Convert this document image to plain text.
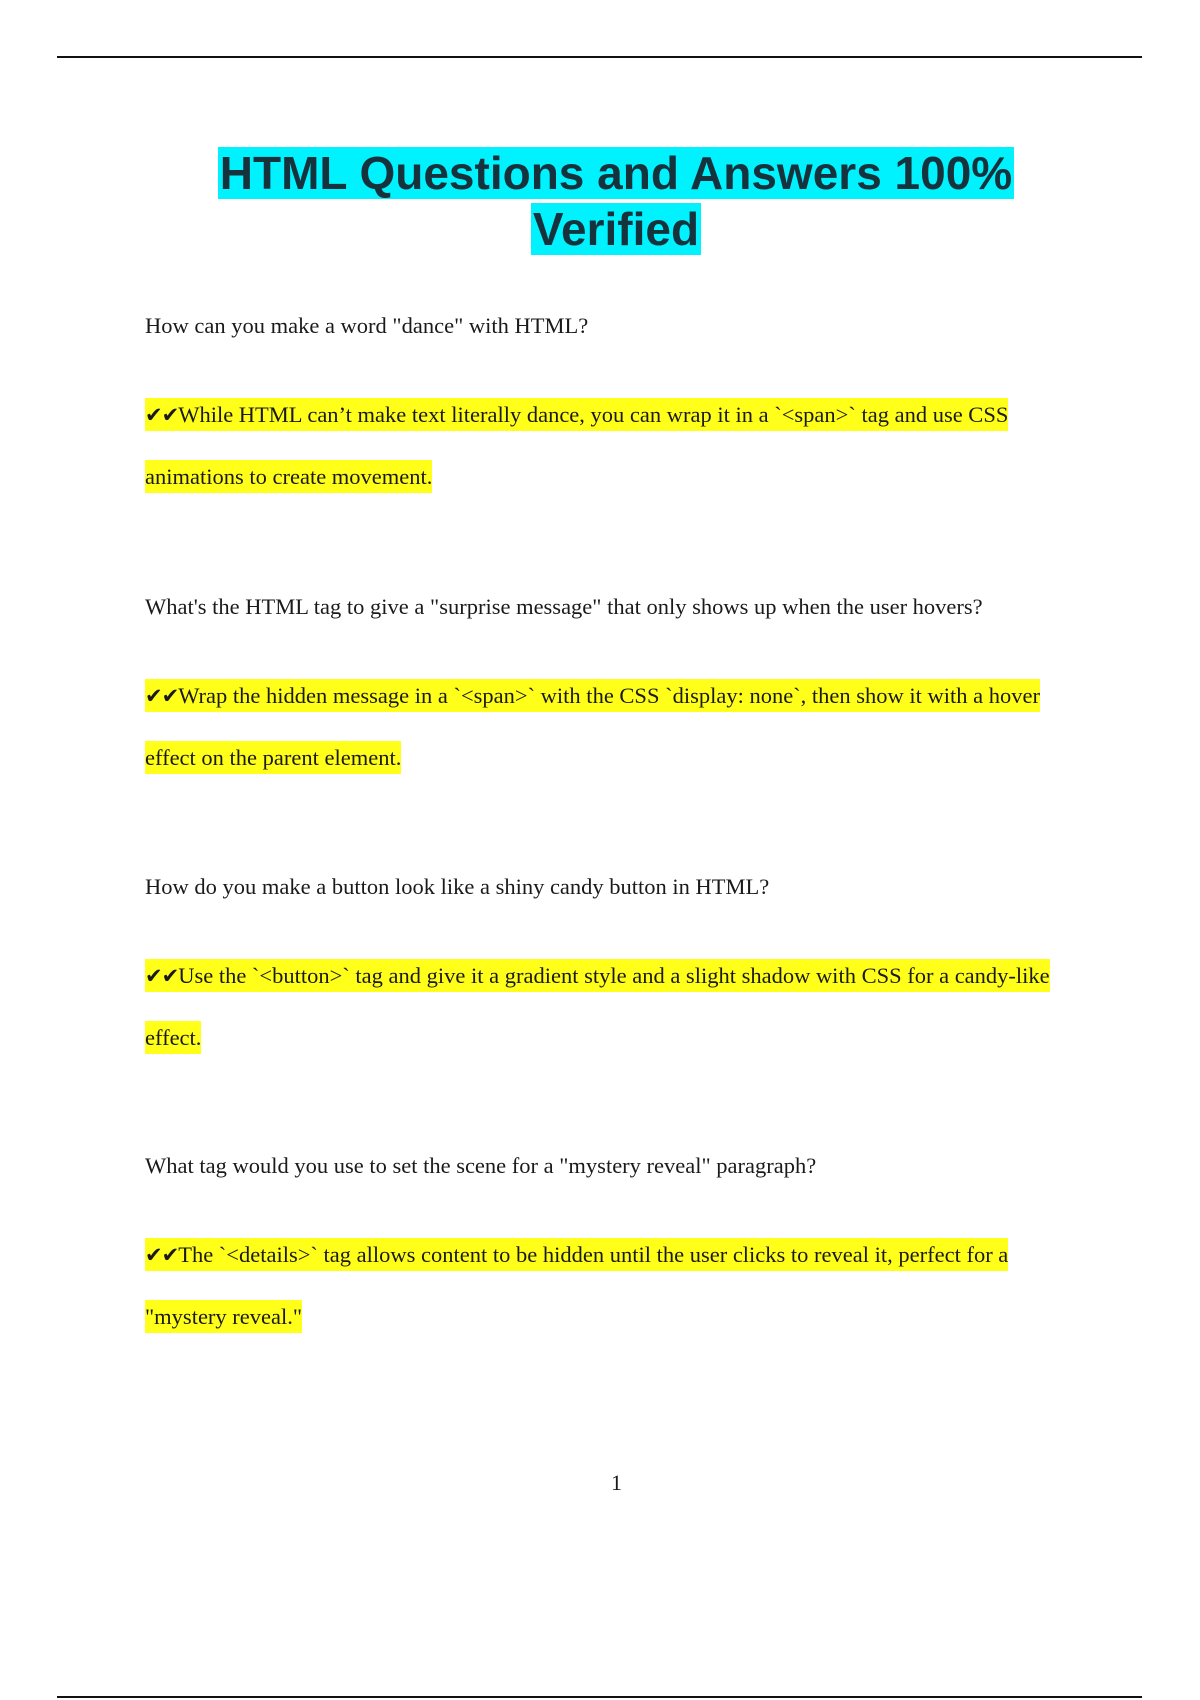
HTML Questions and Answers 100%
Verified

How can you make a word "dance" with HTML?

✔✔While HTML can’t make text literally dance, you can wrap it in a `<span>` tag and use CSS animations to create movement.

What's the HTML tag to give a "surprise message" that only shows up when the user hovers?

✔✔Wrap the hidden message in a `<span>` with the CSS `display: none`, then show it with a hover effect on the parent element.

How do you make a button look like a shiny candy button in HTML?

✔✔Use the `<button>` tag and give it a gradient style and a slight shadow with CSS for a candy-like effect.

What tag would you use to set the scene for a "mystery reveal" paragraph?

✔✔The `<details>` tag allows content to be hidden until the user clicks to reveal it, perfect for a "mystery reveal."

1
